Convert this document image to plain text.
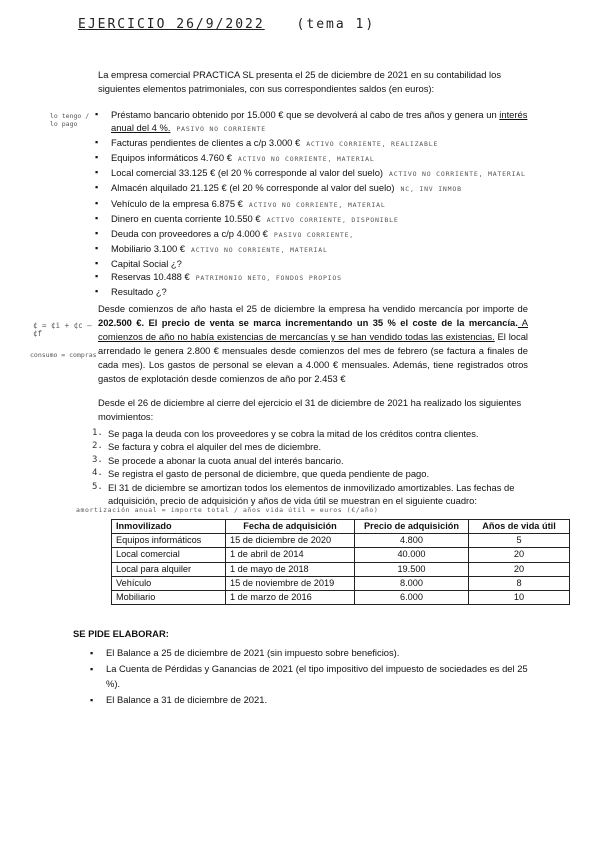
EJERCICIO 26/9/2022 (tema 1)
lo tengo / lo pago
¢ = ¢i + ¢c – ¢f
consumo = compras
La empresa comercial PRACTICA SL presenta el 25 de diciembre de 2021 en su contabilidad los siguientes elementos patrimoniales, con sus correspondientes saldos (en euros):
▪ Préstamo bancario obtenido por 15.000 € que se devolverá al cabo de tres años y genera un interés anual del 4 %. PASIVO NO CORRIENTE
▪ Facturas pendientes de clientes a c/p 3.000 € ACTIVO CORRIENTE, REALIZABLE
▪ Equipos informáticos 4.760 € ACTIVO NO CORRIENTE, MATERIAL
▪ Local comercial 33.125 € (el 20 % corresponde al valor del suelo) ACTIVO NO CORRIENTE, MATERIAL
▪ Almacén alquilado 21.125 € (el 20 % corresponde al valor del suelo) NC, INV INMOB
▪ Vehículo de la empresa 6.875 € ACTIVO NO CORRIENTE, MATERIAL
▪ Dinero en cuenta corriente 10.550 € ACTIVO CORRIENTE, DISPONIBLE
▪ Deuda con proveedores a c/p 4.000 € PASIVO CORRIENTE,
▪ Mobiliario 3.100 € ACTIVO NO CORRIENTE, MATERIAL
▪ Capital Social ¿?
▪ Reservas 10.488 € PATRIMONIO NETO, FONDOS PROPIOS
▪ Resultado ¿?
Desde comienzos de año hasta el 25 de diciembre la empresa ha vendido mercancía por importe de 202.500 €. El precio de venta se marca incrementando un 35 % el coste de la mercancía. A comienzos de año no había existencias de mercancías y se han vendido todas las existencias. El local arrendado le genera 2.800 € mensuales desde comienzos del mes de febrero (se factura a finales de cada mes). Los gastos de personal se elevan a 4.000 € mensuales. Además, tiene registrados otros gastos de explotación desde comienzos de año por 2.453 €
Desde el 26 de diciembre al cierre del ejercicio el 31 de diciembre de 2021 ha realizado los siguientes movimientos:
1. Se paga la deuda con los proveedores y se cobra la mitad de los créditos contra clientes.
2. Se factura y cobra el alquiler del mes de diciembre.
3. Se procede a abonar la cuota anual del interés bancario.
4. Se registra el gasto de personal de diciembre, que queda pendiente de pago.
5. El 31 de diciembre se amortizan todos los elementos de inmovilizado amortizables. Las fechas de adquisición, precio de adquisición y años de vida útil se muestran en el siguiente cuadro:
amortización anual = importe total / años vida útil = euros (€/año)
Inmovilizado	Fecha de adquisición	Precio de adquisición	Años de vida útil
Equipos informáticos	15 de diciembre de 2020	4.800	5
Local comercial	1 de abril de 2014	40.000	20
Local para alquiler	1 de mayo de 2018	19.500	20
Vehículo	15 de noviembre de 2019	8.000	8
Mobiliario	1 de marzo de 2016	6.000	10
SE PIDE ELABORAR:
▪ El Balance a 25 de diciembre de 2021 (sin impuesto sobre beneficios).
▪ La Cuenta de Pérdidas y Ganancias de 2021 (el tipo impositivo del impuesto de sociedades es del 25 %).
▪ El Balance a 31 de diciembre de 2021.
